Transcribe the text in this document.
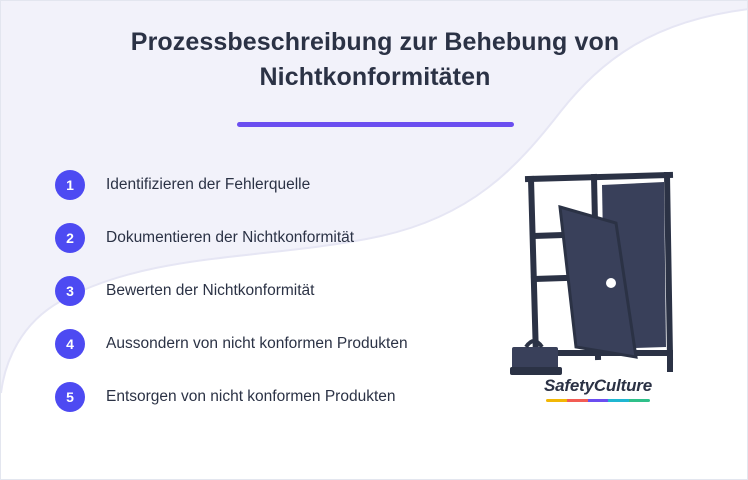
Prozessbeschreibung zur Behebung von
Nichtkonformitäten
1	Identifizieren der Fehlerquelle
2	Dokumentieren der Nichtkonformität
3	Bewerten der Nichtkonformität
4	Aussondern von nicht konformen Produkten
5	Entsorgen von nicht konformen Produkten
SafetyCulture
